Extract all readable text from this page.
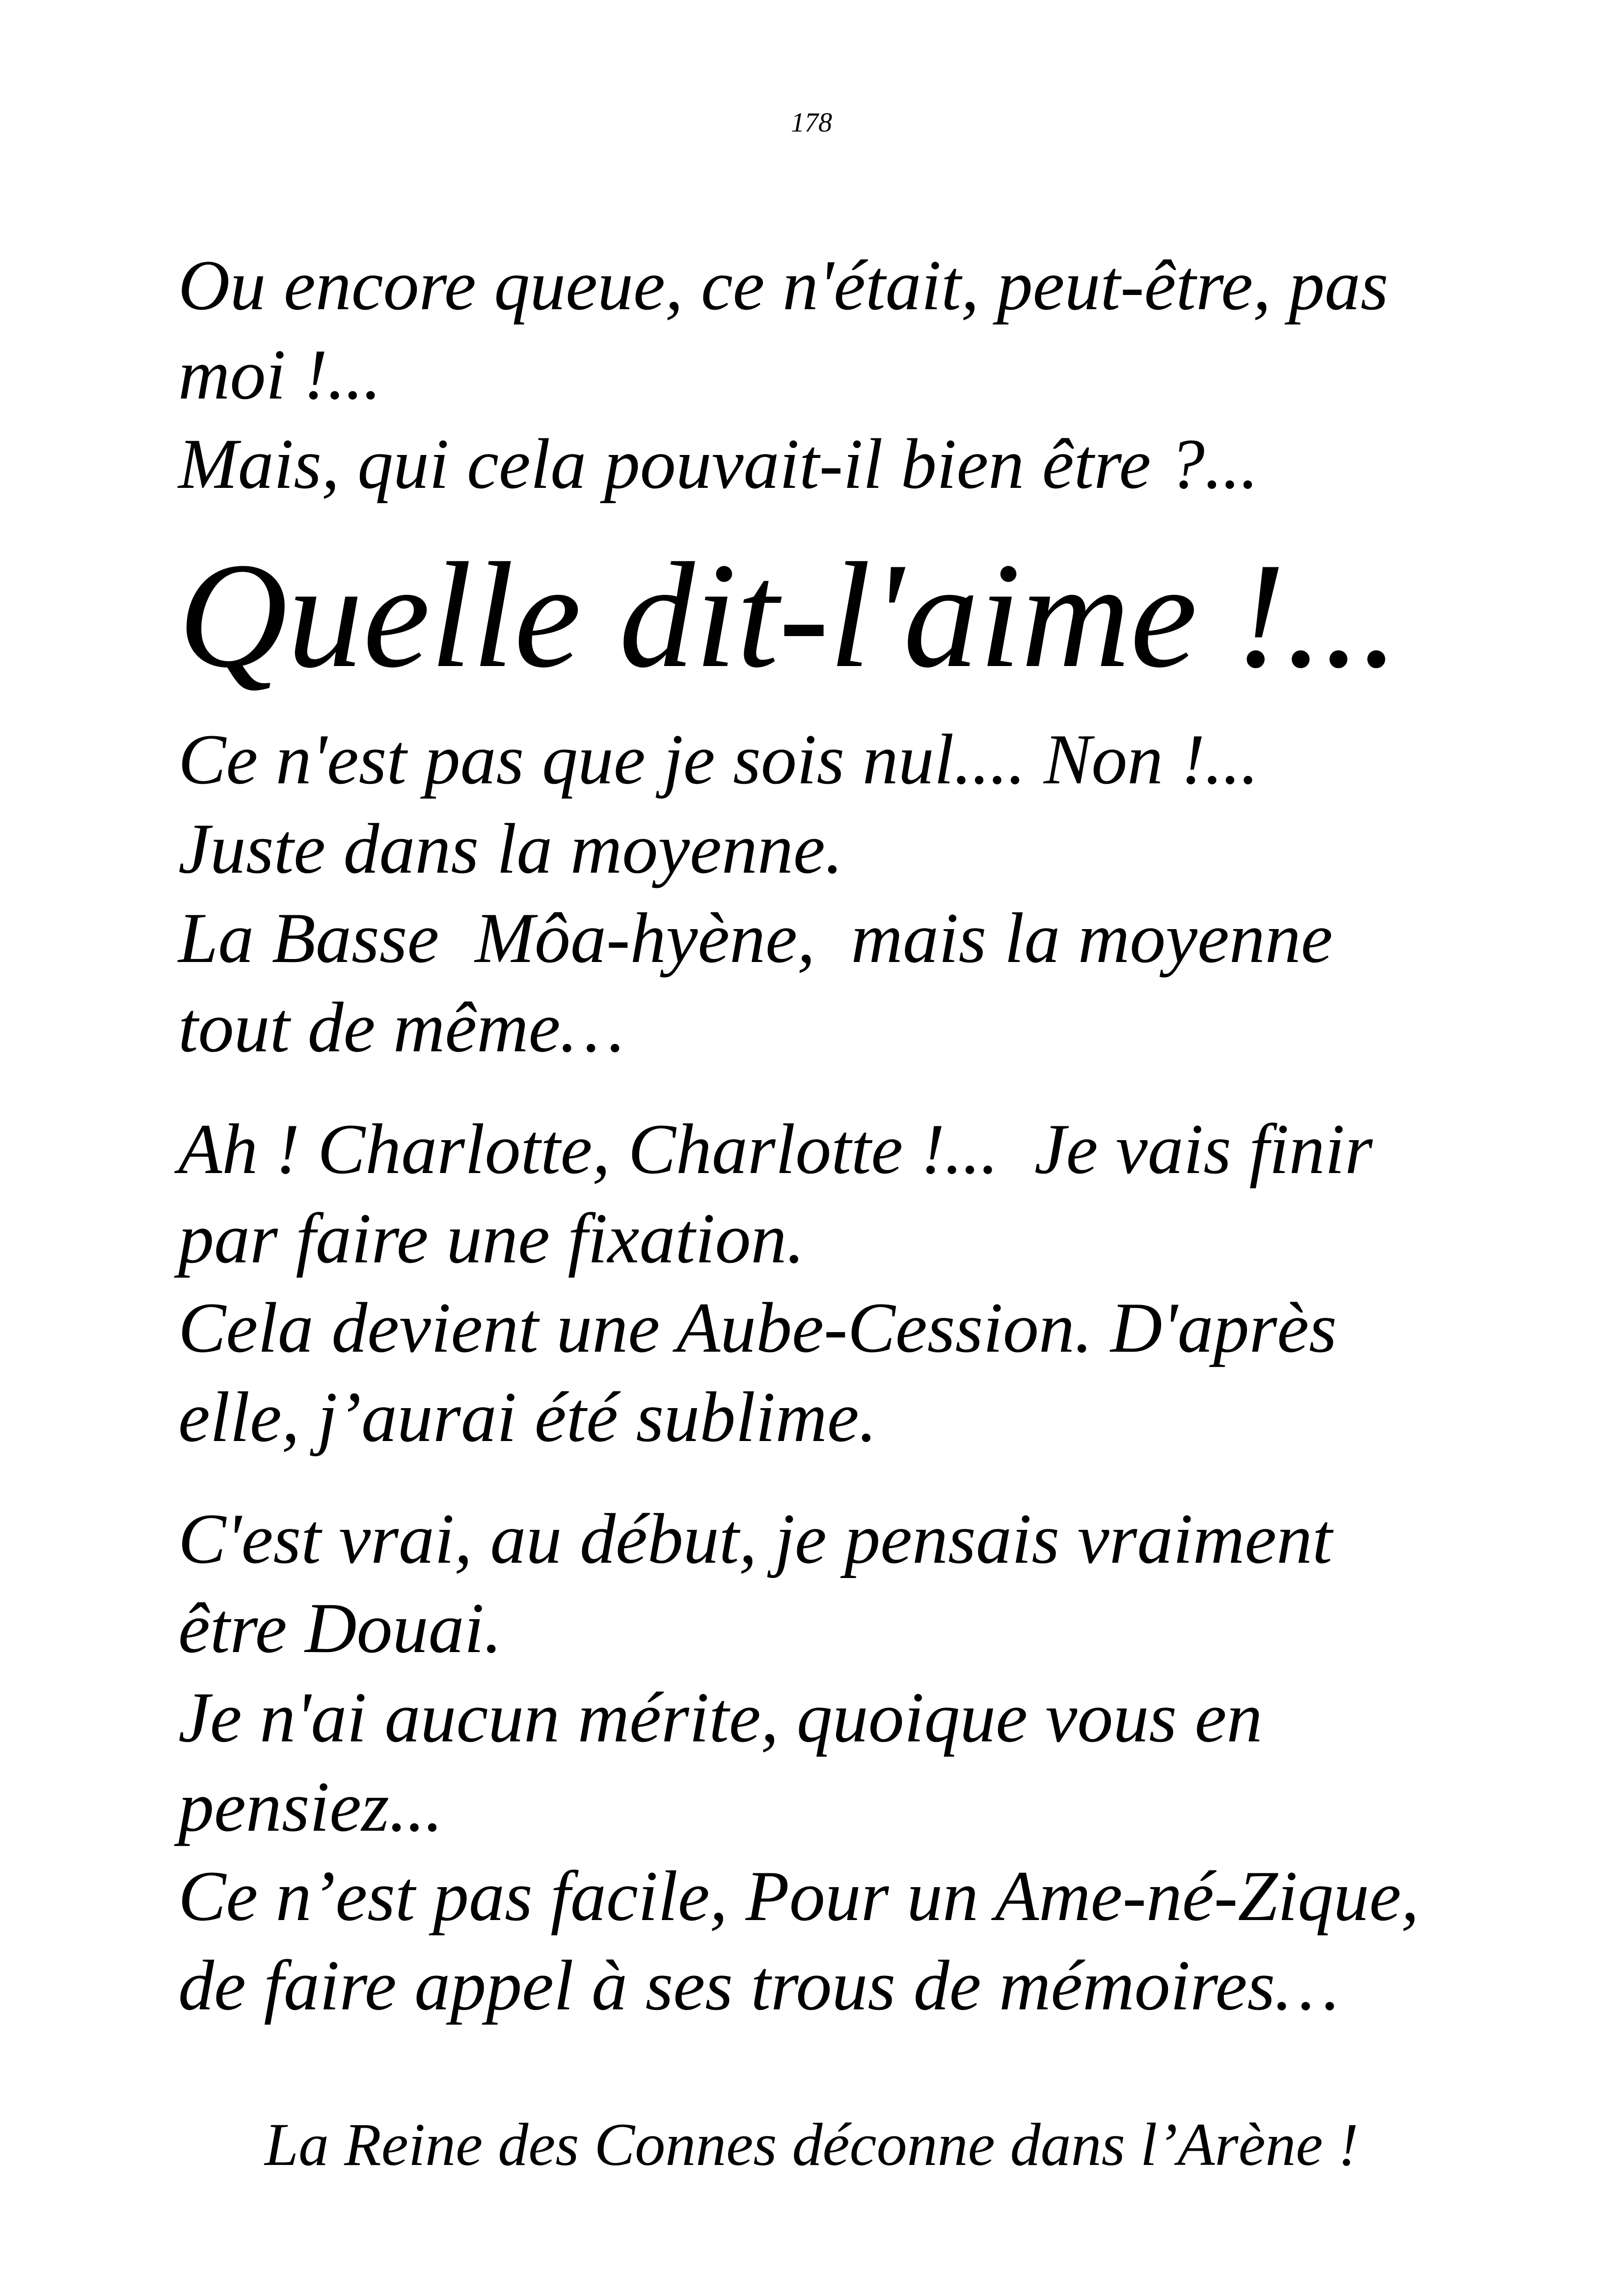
178
Ou encore queue, ce n'était, peut-être, pas
moi !...
Mais, qui cela pouvait-il bien être ?...
Quelle dit-l'aime !...
Ce n'est pas que je sois nul.... Non !...
Juste dans la moyenne.
La Basse  Môa-hyène,  mais la moyenne
tout de même…
Ah ! Charlotte, Charlotte !...  Je vais finir
par faire une fixation.
Cela devient une Aube-Cession. D'après
elle, j’aurai été sublime.
C'est vrai, au début, je pensais vraiment
être Douai.
Je n'ai aucun mérite, quoique vous en
pensiez...
Ce n’est pas facile, Pour un Ame-né-Zique,
de faire appel à ses trous de mémoires…
La Reine des Connes déconne dans l’Arène !
